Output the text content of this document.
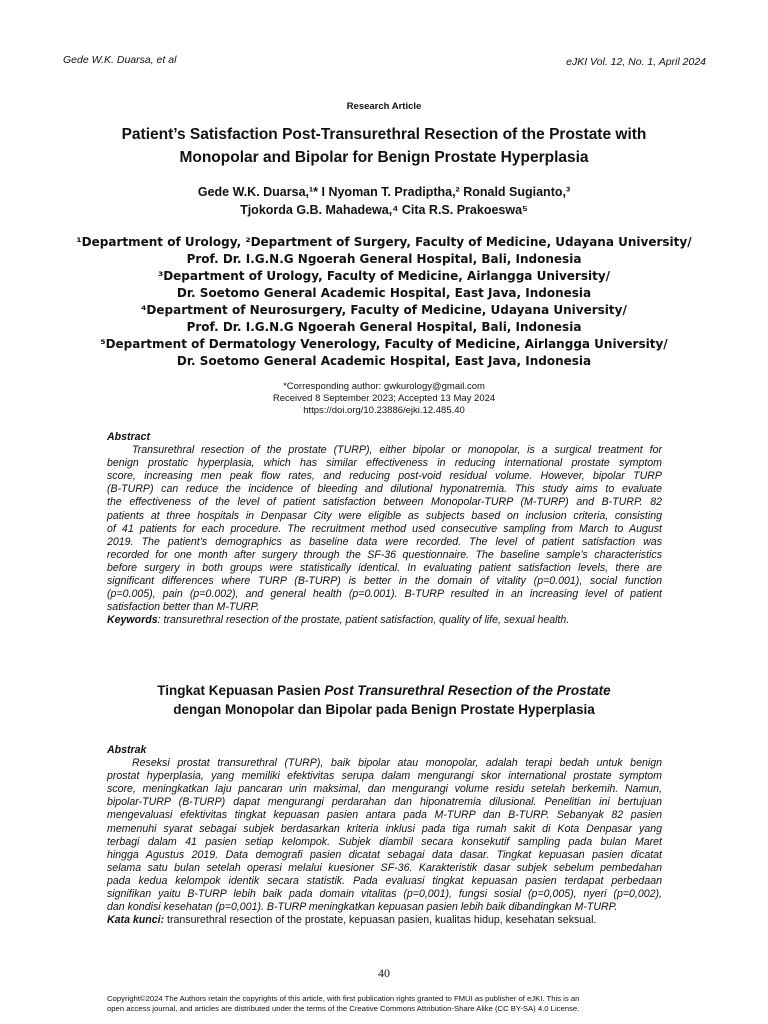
Gede W.K. Duarsa, et al	eJKI Vol. 12, No. 1, April 2024
Research Article
Patient’s Satisfaction Post-Transurethral Resection of the Prostate with
Monopolar and Bipolar for Benign Prostate Hyperplasia
Gede W.K. Duarsa,¹* I Nyoman T. Pradiptha,² Ronald Sugianto,³
Tjokorda G.B. Mahadewa,⁴ Cita R.S. Prakoeswa⁵
¹Department of Urology, ²Department of Surgery, Faculty of Medicine, Udayana University/
Prof. Dr. I.G.N.G Ngoerah General Hospital, Bali, Indonesia
³Department of Urology, Faculty of Medicine, Airlangga University/
Dr. Soetomo General Academic Hospital, East Java, Indonesia
⁴Department of Neurosurgery, Faculty of Medicine, Udayana University/
Prof. Dr. I.G.N.G Ngoerah General Hospital, Bali, Indonesia
⁵Department of Dermatology Venerology, Faculty of Medicine, Airlangga University/
Dr. Soetomo General Academic Hospital, East Java, Indonesia
*Corresponding author: gwkurology@gmail.com
Received 8 September 2023; Accepted 13 May 2024
https://doi.org/10.23886/ejki.12.485.40
Abstract
Transurethral resection of the prostate (TURP), either bipolar or monopolar, is a surgical treatment for
benign prostatic hyperplasia, which has similar effectiveness in reducing international prostate symptom
score, increasing men peak flow rates, and reducing post-void residual volume. However, bipolar TURP
(B-TURP) can reduce the incidence of bleeding and dilutional hyponatremia. This study aims to evaluate
the effectiveness of the level of patient satisfaction between Monopolar-TURP (M-TURP) and B-TURP. 82
patients at three hospitals in Denpasar City were eligible as subjects based on inclusion criteria, consisting
of 41 patients for each procedure. The recruitment method used consecutive sampling from March to August
2019. The patient’s demographics as baseline data were recorded. The level of patient satisfaction was
recorded for one month after surgery through the SF-36 questionnaire. The baseline sample’s characteristics
before surgery in both groups were statistically identical. In evaluating patient satisfaction levels, there are
significant differences where TURP (B-TURP) is better in the domain of vitality (p=0.001), social function
(p=0.005), pain (p=0.002), and general health (p=0.001). B-TURP resulted in an increasing level of patient
satisfaction better than M-TURP.
Keywords: transurethral resection of the prostate, patient satisfaction, quality of life, sexual health.
Tingkat Kepuasan Pasien Post Transurethral Resection of the Prostate
dengan Monopolar dan Bipolar pada Benign Prostate Hyperplasia
Abstrak
Reseksi prostat transurethral (TURP), baik bipolar atau monopolar, adalah terapi bedah untuk benign
prostat hyperplasia, yang memiliki efektivitas serupa dalam mengurangi skor international prostate symptom
score, meningkatkan laju pancaran urin maksimal, dan mengurangi volume residu setelah berkemih. Namun,
bipolar-TURP (B-TURP) dapat mengurangi perdarahan dan hiponatremia dilusional. Penelitian ini bertujuan
mengevaluasi efektivitas tingkat kepuasan pasien antara pada M-TURP dan B-TURP. Sebanyak 82 pasien
memenuhi syarat sebagai subjek berdasarkan kriteria inklusi pada tiga rumah sakit di Kota Denpasar yang
terbagi dalam 41 pasien setiap kelompok. Subjek diambil secara konsekutif sampling pada bulan Maret
hingga Agustus 2019. Data demografi pasien dicatat sebagai data dasar. Tingkat kepuasan pasien dicatat
selama satu bulan setelah operasi melalui kuesioner SF-36. Karakteristik dasar subjek sebelum pembedahan
pada kedua kelompok identik secara statistik. Pada evaluasi tingkat kepuasan pasien terdapat perbedaan
signifikan yaitu B-TURP lebih baik pada domain vitalitas (p=0,001), fungsi sosial (p=0,005), nyeri (p=0,002),
dan kondisi kesehatan (p=0,001). B-TURP meningkatkan kepuasan pasien lebih baik dibandingkan M-TURP.
Kata kunci: transurethral resection of the prostate, kepuasan pasien, kualitas hidup, kesehatan seksual.
40
Copyright©2024 The Authors retain the copyrights of this article, with first publication rights granted to FMUI as publisher of eJKI. This is an
open access journal, and articles are distributed under the terms of the Creative Commons Attribution-Share Alike (CC BY-SA) 4.0 License.
